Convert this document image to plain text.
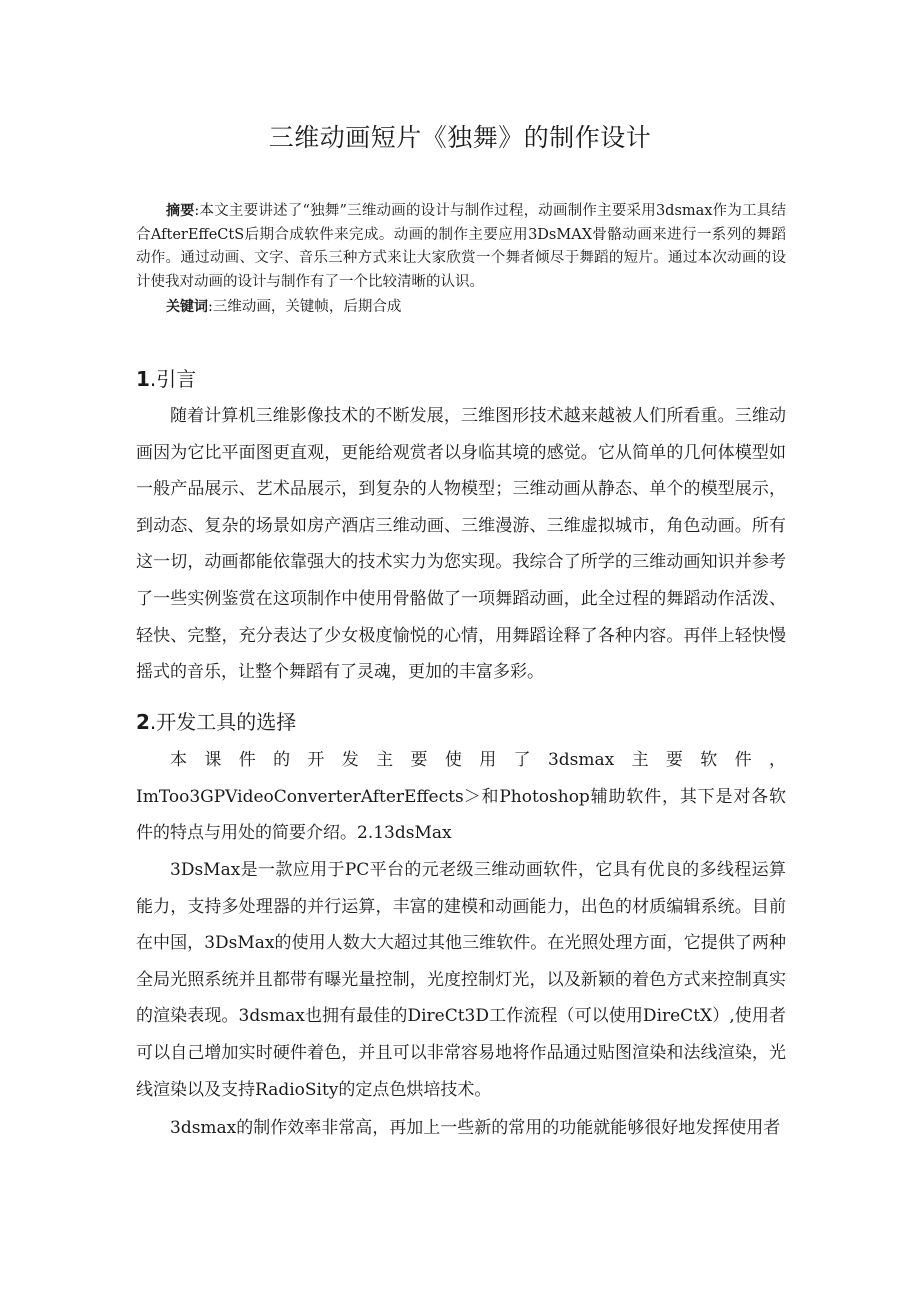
三维动画短片《独舞》的制作设计
摘要:本文主要讲述了“独舞”三维动画的设计与制作过程，动画制作主要采用3dsmax作为工具结合AfterEffeCtS后期合成软件来完成。动画的制作主要应用3DsMAX骨骼动画来进行一系列的舞蹈动作。通过动画、文字、音乐三种方式来让大家欣赏一个舞者倾尽于舞蹈的短片。通过本次动画的设计使我对动画的设计与制作有了一个比较清晰的认识。
关键词:三维动画，关键帧，后期合成
1.引言

随着计算机三维影像技术的不断发展，三维图形技术越来越被人们所看重。三维动画因为它比平面图更直观，更能给观赏者以身临其境的感觉。它从简单的几何体模型如一般产品展示、艺术品展示，到复杂的人物模型；三维动画从静态、单个的模型展示，到动态、复杂的场景如房产酒店三维动画、三维漫游、三维虚拟城市，角色动画。所有这一切，动画都能依靠强大的技术实力为您实现。我综合了所学的三维动画知识并参考了一些实例鉴赏在这项制作中使用骨骼做了一项舞蹈动画，此全过程的舞蹈动作活泼、轻快、完整，充分表达了少女极度愉悦的心情，用舞蹈诠释了各种内容。再伴上轻快慢摇式的音乐，让整个舞蹈有了灵魂，更加的丰富多彩。

2.开发工具的选择

本课件的开发主要使用了3dsmax主要软件，ImToo3GPVideoConverterAfterEffects＞和Photoshop辅助软件，其下是对各软件的特点与用处的简要介绍。2.13dsMax

3DsMax是一款应用于PC平台的元老级三维动画软件，它具有优良的多线程运算能力，支持多处理器的并行运算，丰富的建模和动画能力，出色的材质编辑系统。目前在中国，3DsMax的使用人数大大超过其他三维软件。在光照处理方面，它提供了两种全局光照系统并且都带有曝光量控制，光度控制灯光，以及新颖的着色方式来控制真实的渲染表现。3dsmax也拥有最佳的DireCt3D工作流程（可以使用DireCtX）,使用者可以自己增加实时硬件着色，并且可以非常容易地将作品通过贴图渲染和法线渲染，光线渲染以及支持RadioSity的定点色烘培技术。

3dsmax的制作效率非常高，再加上一些新的常用的功能就能够很好地发挥使用者
